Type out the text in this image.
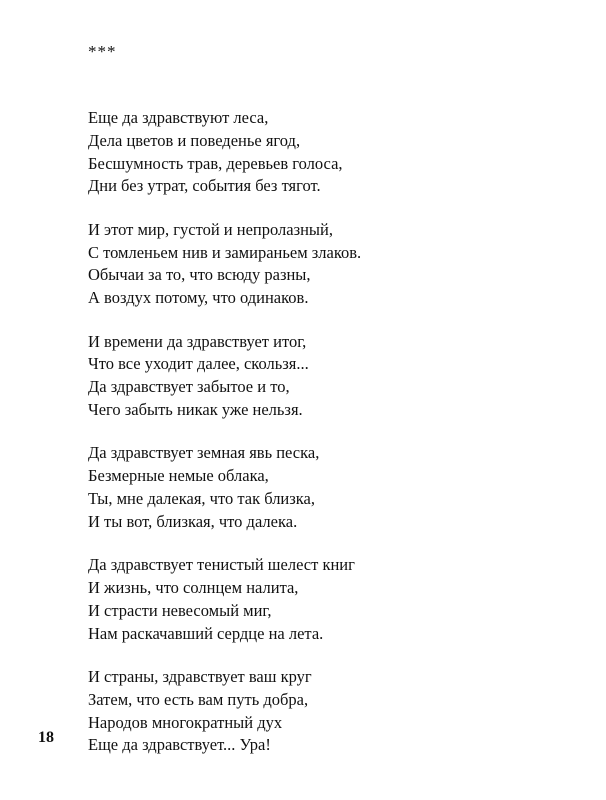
***
Еще да здравствуют леса,
Дела цветов и поведенье ягод,
Бесшумность трав, деревьев голоса,
Дни без утрат, события без тягот.
И этот мир, густой и непролазный,
С томленьем нив и замираньем злаков.
Обычаи за то, что всюду разны,
А воздух потому, что одинаков.
И времени да здравствует итог,
Что все уходит далее, скользя...
Да здравствует забытое и то,
Чего забыть никак уже нельзя.
Да здравствует земная явь песка,
Безмерные немые облака,
Ты, мне далекая, что так близка,
И ты вот, близкая, что далека.
Да здравствует тенистый шелест книг
И жизнь, что солнцем налита,
И страсти невесомый миг,
Нам раскачавший сердце на лета.
И страны, здравствует ваш круг
Затем, что есть вам путь добра,
Народов многократный дух
Еще да здравствует... Ура!
18
